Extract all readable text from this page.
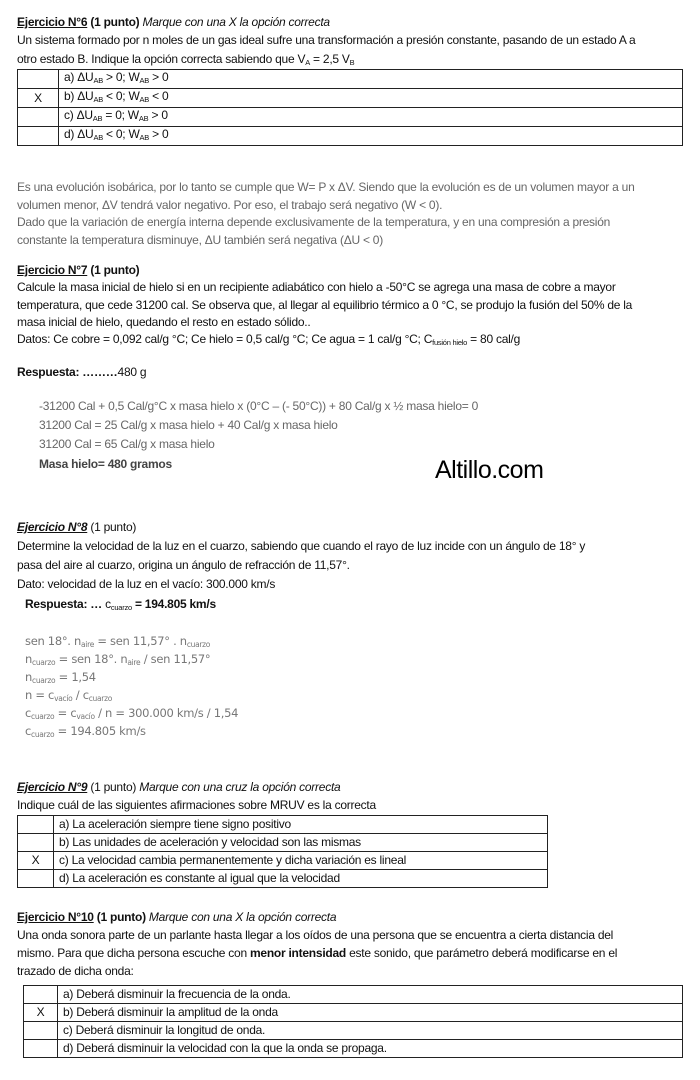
Ejercicio N°6 (1 punto) Marque con una X la opción correcta
Un sistema formado por n moles de un gas ideal sufre una transformación a presión constante, pasando de un estado A a
otro estado B. Indique la opción correcta sabiendo que $V_A = 2,5$ $V_B$
	a) $\Delta U_{AB} > 0$; $W_{AB} > 0$
X	b) $\Delta U_{AB} < 0$; $W_{AB} < 0$
	c) $\Delta U_{AB} = 0$; $W_{AB} > 0$
	d) $\Delta U_{AB} < 0$; $W_{AB} > 0$
Es una evolución isobárica, por lo tanto se cumple que W= P x ΔV. Siendo que la evolución es de un volumen mayor a un
volumen menor, ΔV tendrá valor negativo. Por eso, el trabajo será negativo (W < 0).
Dado que la variación de energía interna depende exclusivamente de la temperatura, y en una compresión a presión
constante la temperatura disminuye, ΔU también será negativa (ΔU < 0)
Ejercicio N°7 (1 punto)
Calcule la masa inicial de hielo si en un recipiente adiabático con hielo a -50°C se agrega una masa de cobre a mayor
temperatura, que cede 31200 cal. Se observa que, al llegar al equilibrio térmico a 0 °C, se produjo la fusión del 50% de la
masa inicial de hielo, quedando el resto en estado sólido..
Datos: Ce cobre = 0,092 cal/g °C; Ce hielo = 0,5 cal/g °C; Ce agua = 1 cal/g °C; $C_{fusión hielo} = 80$ cal/g
Respuesta: ………480 g
-31200 Cal + 0,5 Cal/g°C x masa hielo x (0°C – (- 50°C)) + 80 Cal/g x ½ masa hielo= 0
31200 Cal = 25 Cal/g x masa hielo + 40 Cal/g x masa hielo
31200 Cal = 65 Cal/g x masa hielo
Masa hielo= 480 gramos	Altillo.com
Ejercicio N°8 (1 punto)
Determine la velocidad de la luz en el cuarzo, sabiendo que cuando el rayo de luz incide con un ángulo de 18° y
pasa del aire al cuarzo, origina un ángulo de refracción de 11,57°.
Dato: velocidad de la luz en el vacío: 300.000 km/s
Respuesta: … $c_{cuarzo} = 194.805$ km/s
sen 18°. $n_{aire}$ = sen 11,57° . $n_{cuarzo}$
$n_{cuarzo}$ = sen 18°. $n_{aire}$ / sen 11,57°
$n_{cuarzo} = 1,54$
$n = c_{vacío} / c_{cuarzo}$
$c_{cuarzo} = c_{vacío} / n = 300.000$ km/s / 1,54
$c_{cuarzo} = 194.805$ km/s
Ejercicio N°9 (1 punto) Marque con una cruz la opción correcta
Indique cuál de las siguientes afirmaciones sobre MRUV es la correcta
	a) La aceleración siempre tiene signo positivo
	b) Las unidades de aceleración y velocidad son las mismas
X	c) La velocidad cambia permanentemente y dicha variación es lineal
	d) La aceleración es constante al igual que la velocidad
Ejercicio N°10 (1 punto) Marque con una X la opción correcta
Una onda sonora parte de un parlante hasta llegar a los oídos de una persona que se encuentra a cierta distancia del
mismo. Para que dicha persona escuche con menor intensidad este sonido, que parámetro deberá modificarse en el
trazado de dicha onda:
	a) Deberá disminuir la frecuencia de la onda.
X	b) Deberá disminuir la amplitud de la onda
	c) Deberá disminuir la longitud de onda.
	d) Deberá disminuir la velocidad con la que la onda se propaga.
